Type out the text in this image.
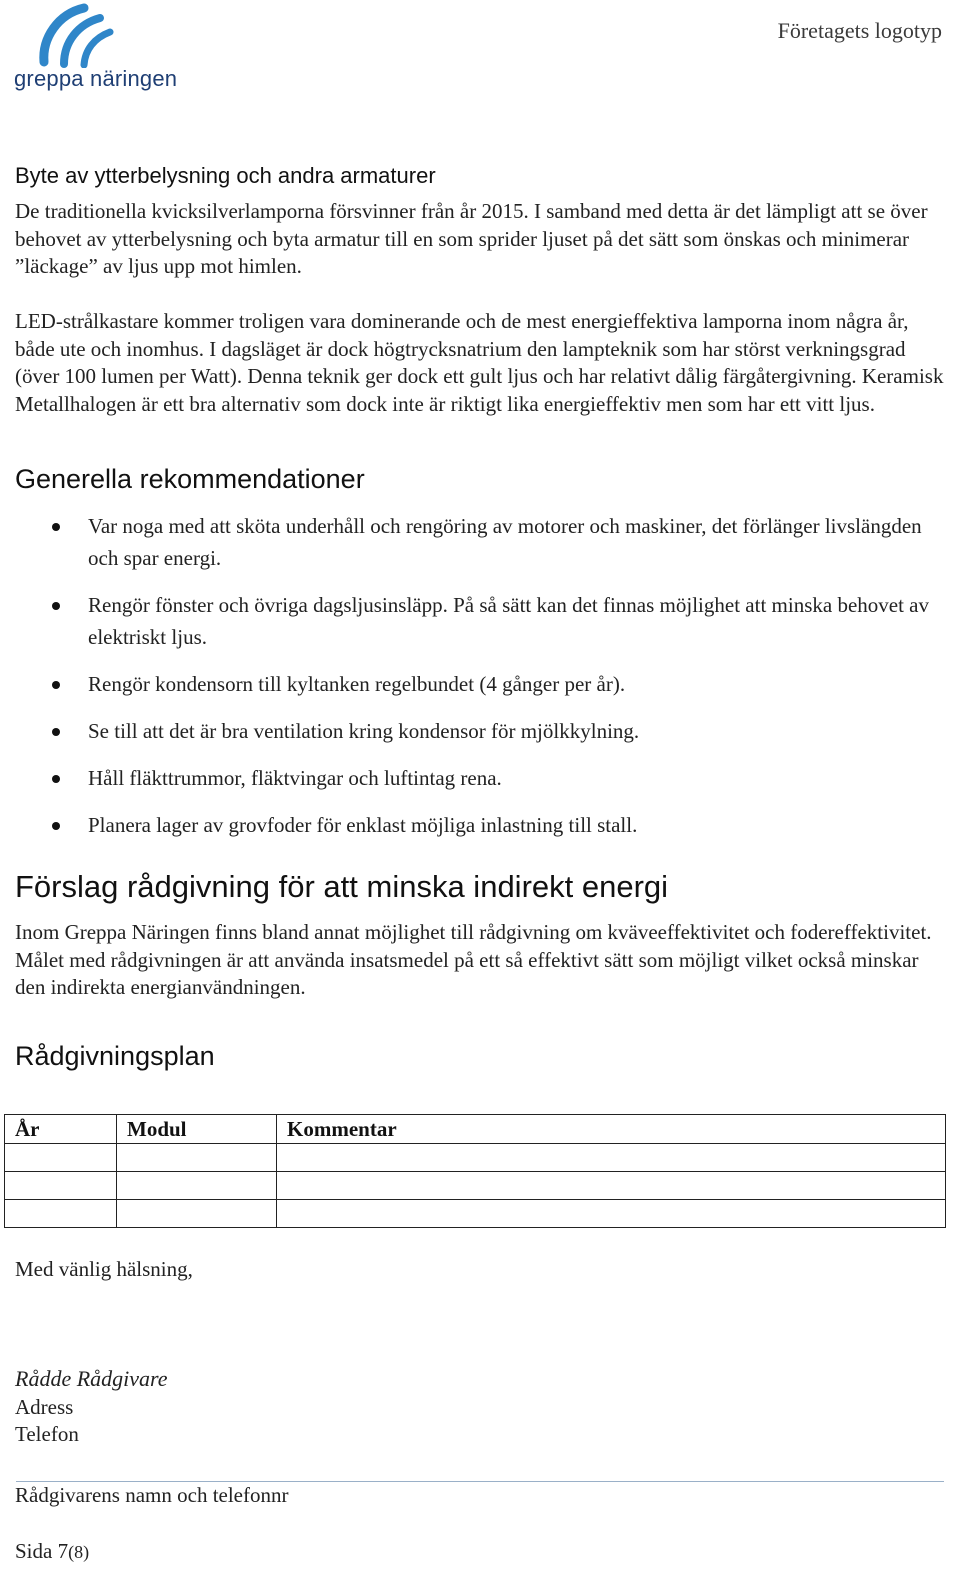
greppa näringen
Företagets logotyp
Byte av ytterbelysning och andra armaturer
De traditionella kvicksilverlamporna försvinner från år 2015. I samband med detta är det lämpligt att se över behovet av ytterbelysning och byta armatur till en som sprider ljuset på det sätt som önskas och minimerar ”läckage” av ljus upp mot himlen.
LED-strålkastare kommer troligen vara dominerande och de mest energieffektiva lamporna inom några år, både ute och inomhus. I dagsläget är dock högtrycksnatrium den lampteknik som har störst verkningsgrad (över 100 lumen per Watt). Denna teknik ger dock ett gult ljus och har relativt dålig färgåtergivning. Keramisk Metallhalogen är ett bra alternativ som dock inte är riktigt lika energieffektiv men som har ett vitt ljus.
Generella rekommendationer
Var noga med att sköta underhåll och rengöring av motorer och maskiner, det förlänger livslängden och spar energi.
Rengör fönster och övriga dagsljusinsläpp. På så sätt kan det finnas möjlighet att minska behovet av elektriskt ljus.
Rengör kondensorn till kyltanken regelbundet (4 gånger per år).
Se till att det är bra ventilation kring kondensor för mjölkkylning.
Håll fläkttrummor, fläktvingar och luftintag rena.
Planera lager av grovfoder för enklast möjliga inlastning till stall.
Förslag rådgivning för att minska indirekt energi
Inom Greppa Näringen finns bland annat möjlighet till rådgivning om kväveeffektivitet och fodereffektivitet. Målet med rådgivningen är att använda insatsmedel på ett så effektivt sätt som möjligt vilket också minskar den indirekta energianvändningen.
Rådgivningsplan
År	Modul	Kommentar

Med vänlig hälsning,
Rådde Rådgivare
Adress
Telefon
Rådgivarens namn och telefonnr
Sida 7(8)
